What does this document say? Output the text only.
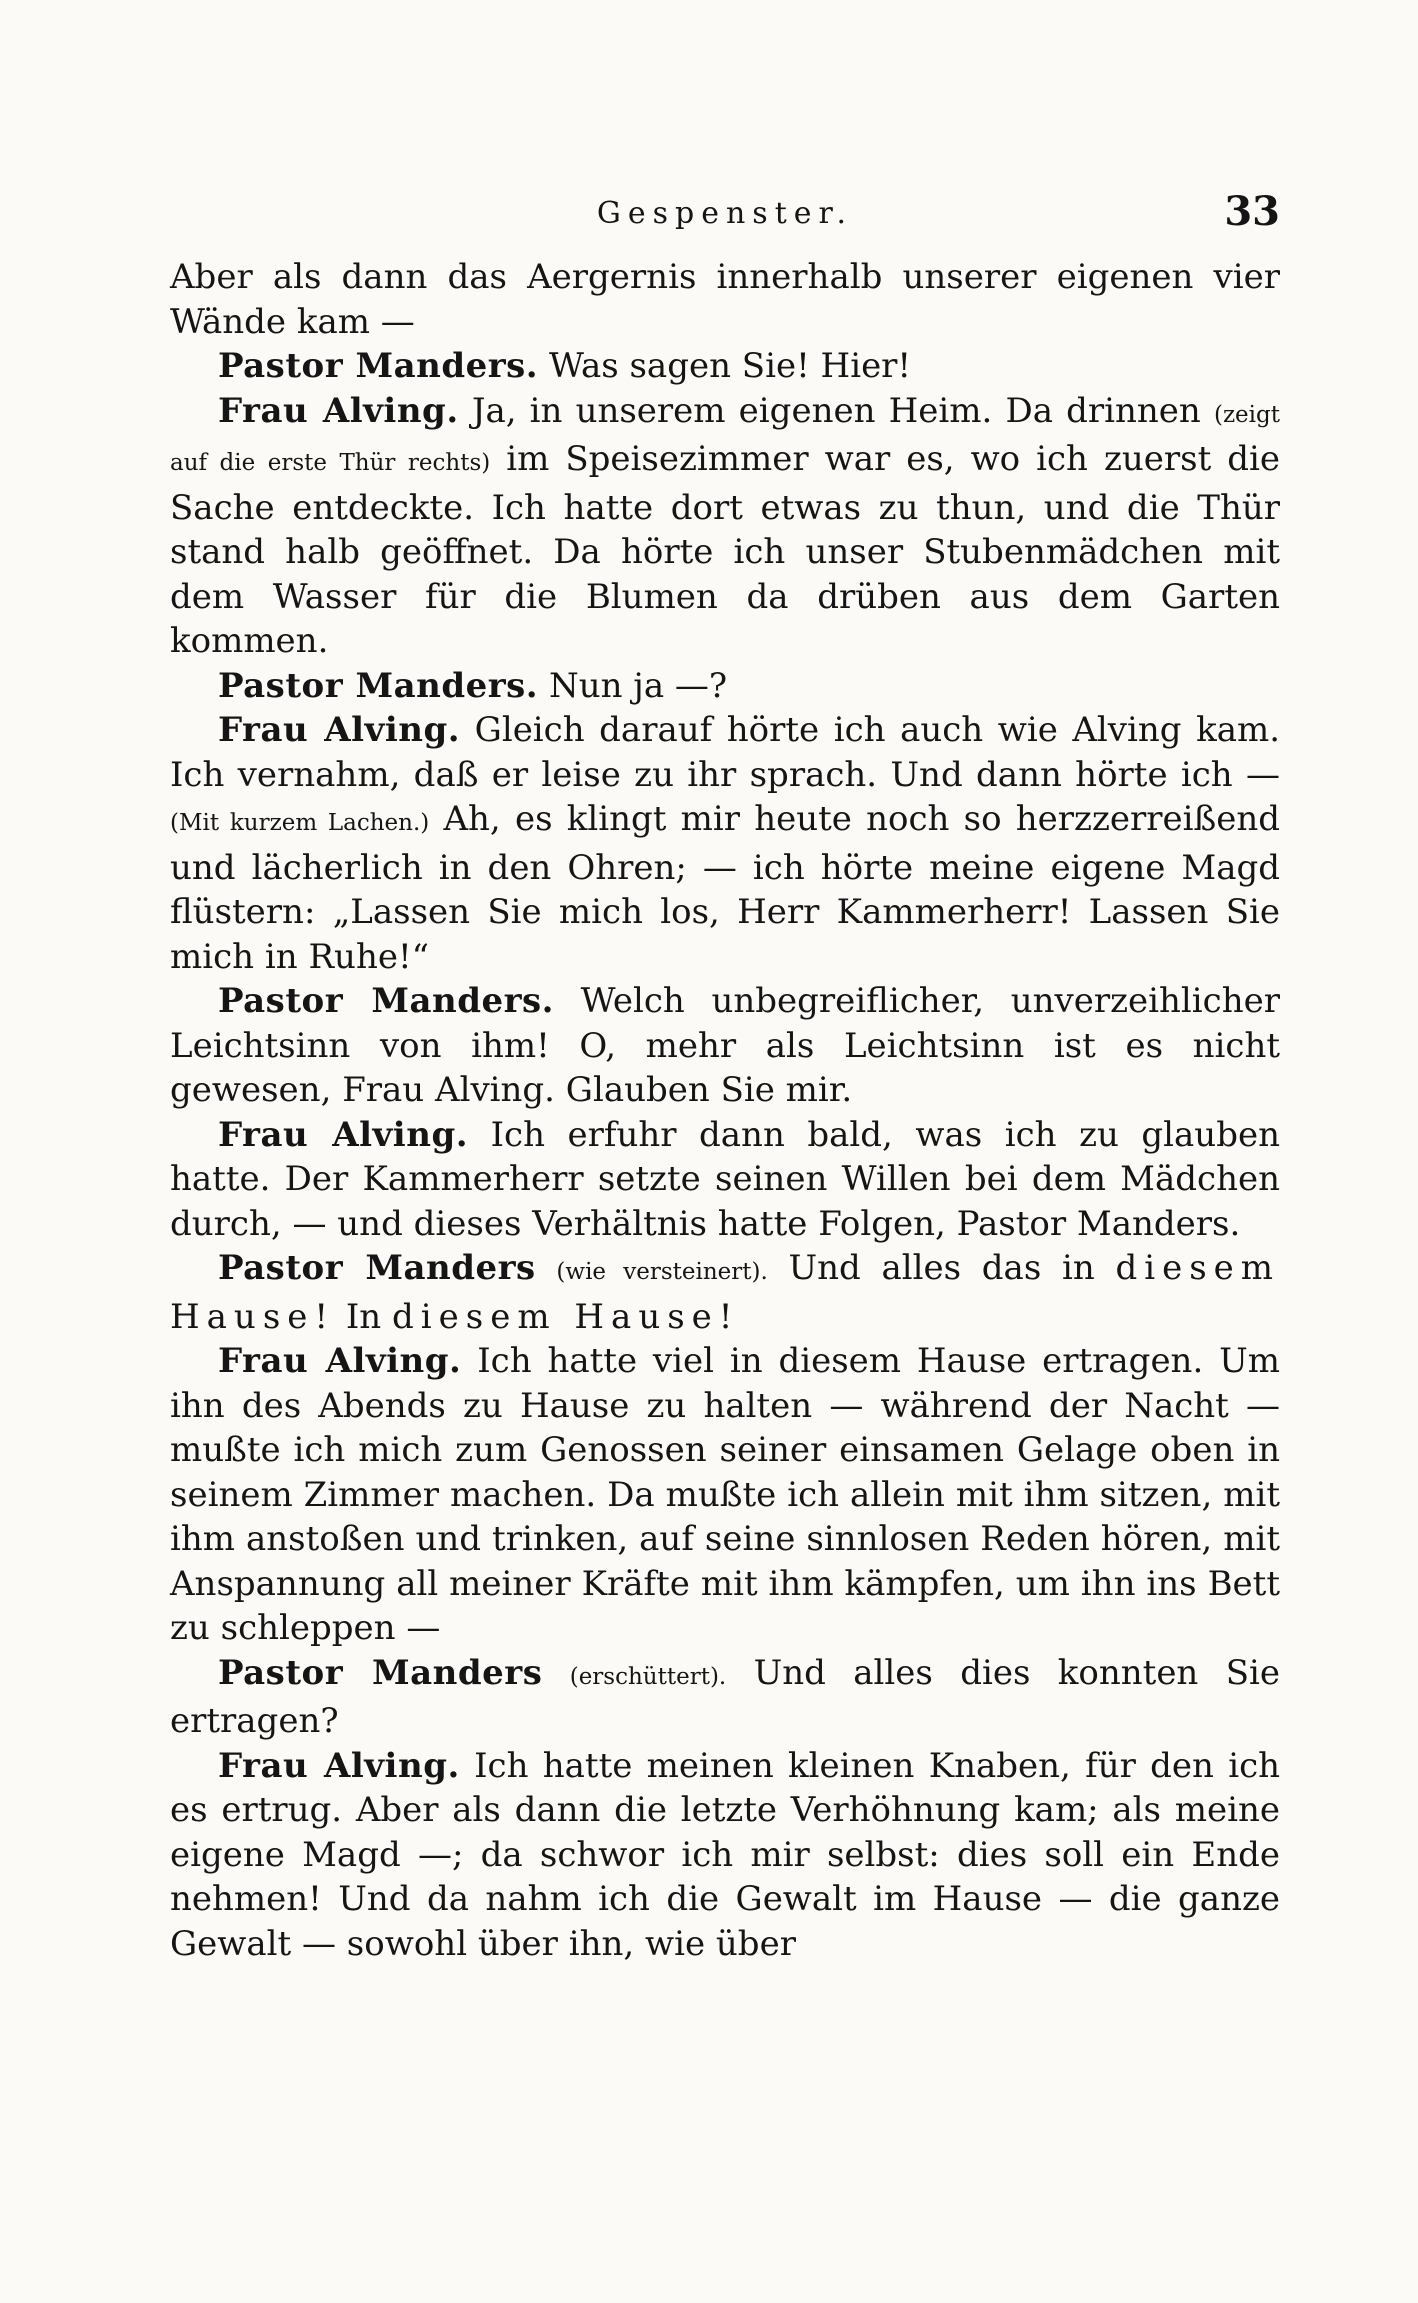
Gespenster.	33

Aber als dann das Aergernis innerhalb unserer eigenen vier Wände kam —

Pastor Manders. Was sagen Sie! Hier!

Frau Alving. Ja, in unserem eigenen Heim. Da drinnen (zeigt auf die erste Thür rechts) im Speisezimmer war es, wo ich zuerst die Sache entdeckte. Ich hatte dort etwas zu thun, und die Thür stand halb geöffnet. Da hörte ich unser Stubenmädchen mit dem Wasser für die Blumen da drüben aus dem Garten kommen.

Pastor Manders. Nun ja —?

Frau Alving. Gleich darauf hörte ich auch wie Alving kam. Ich vernahm, daß er leise zu ihr sprach. Und dann hörte ich — (Mit kurzem Lachen.) Ah, es klingt mir heute noch so herzzerreißend und lächerlich in den Ohren; — ich hörte meine eigene Magd flüstern: „Lassen Sie mich los, Herr Kammerherr! Lassen Sie mich in Ruhe!“

Pastor Manders. Welch unbegreiflicher, unverzeihlicher Leichtsinn von ihm! O, mehr als Leichtsinn ist es nicht gewesen, Frau Alving. Glauben Sie mir.

Frau Alving. Ich erfuhr dann bald, was ich zu glauben hatte. Der Kammerherr setzte seinen Willen bei dem Mädchen durch, — und dieses Verhältnis hatte Folgen, Pastor Manders.

Pastor Manders (wie versteinert). Und alles das in diesem Hause! In diesem Hause!

Frau Alving. Ich hatte viel in diesem Hause ertragen. Um ihn des Abends zu Hause zu halten — während der Nacht — mußte ich mich zum Genossen seiner einsamen Gelage oben in seinem Zimmer machen. Da mußte ich allein mit ihm sitzen, mit ihm anstoßen und trinken, auf seine sinnlosen Reden hören, mit Anspannung all meiner Kräfte mit ihm kämpfen, um ihn ins Bett zu schleppen —

Pastor Manders (erschüttert). Und alles dies konnten Sie ertragen?

Frau Alving. Ich hatte meinen kleinen Knaben, für den ich es ertrug. Aber als dann die letzte Verhöhnung kam; als meine eigene Magd —; da schwor ich mir selbst: dies soll ein Ende nehmen! Und da nahm ich die Gewalt im Hause — die ganze Gewalt — sowohl über ihn, wie über
